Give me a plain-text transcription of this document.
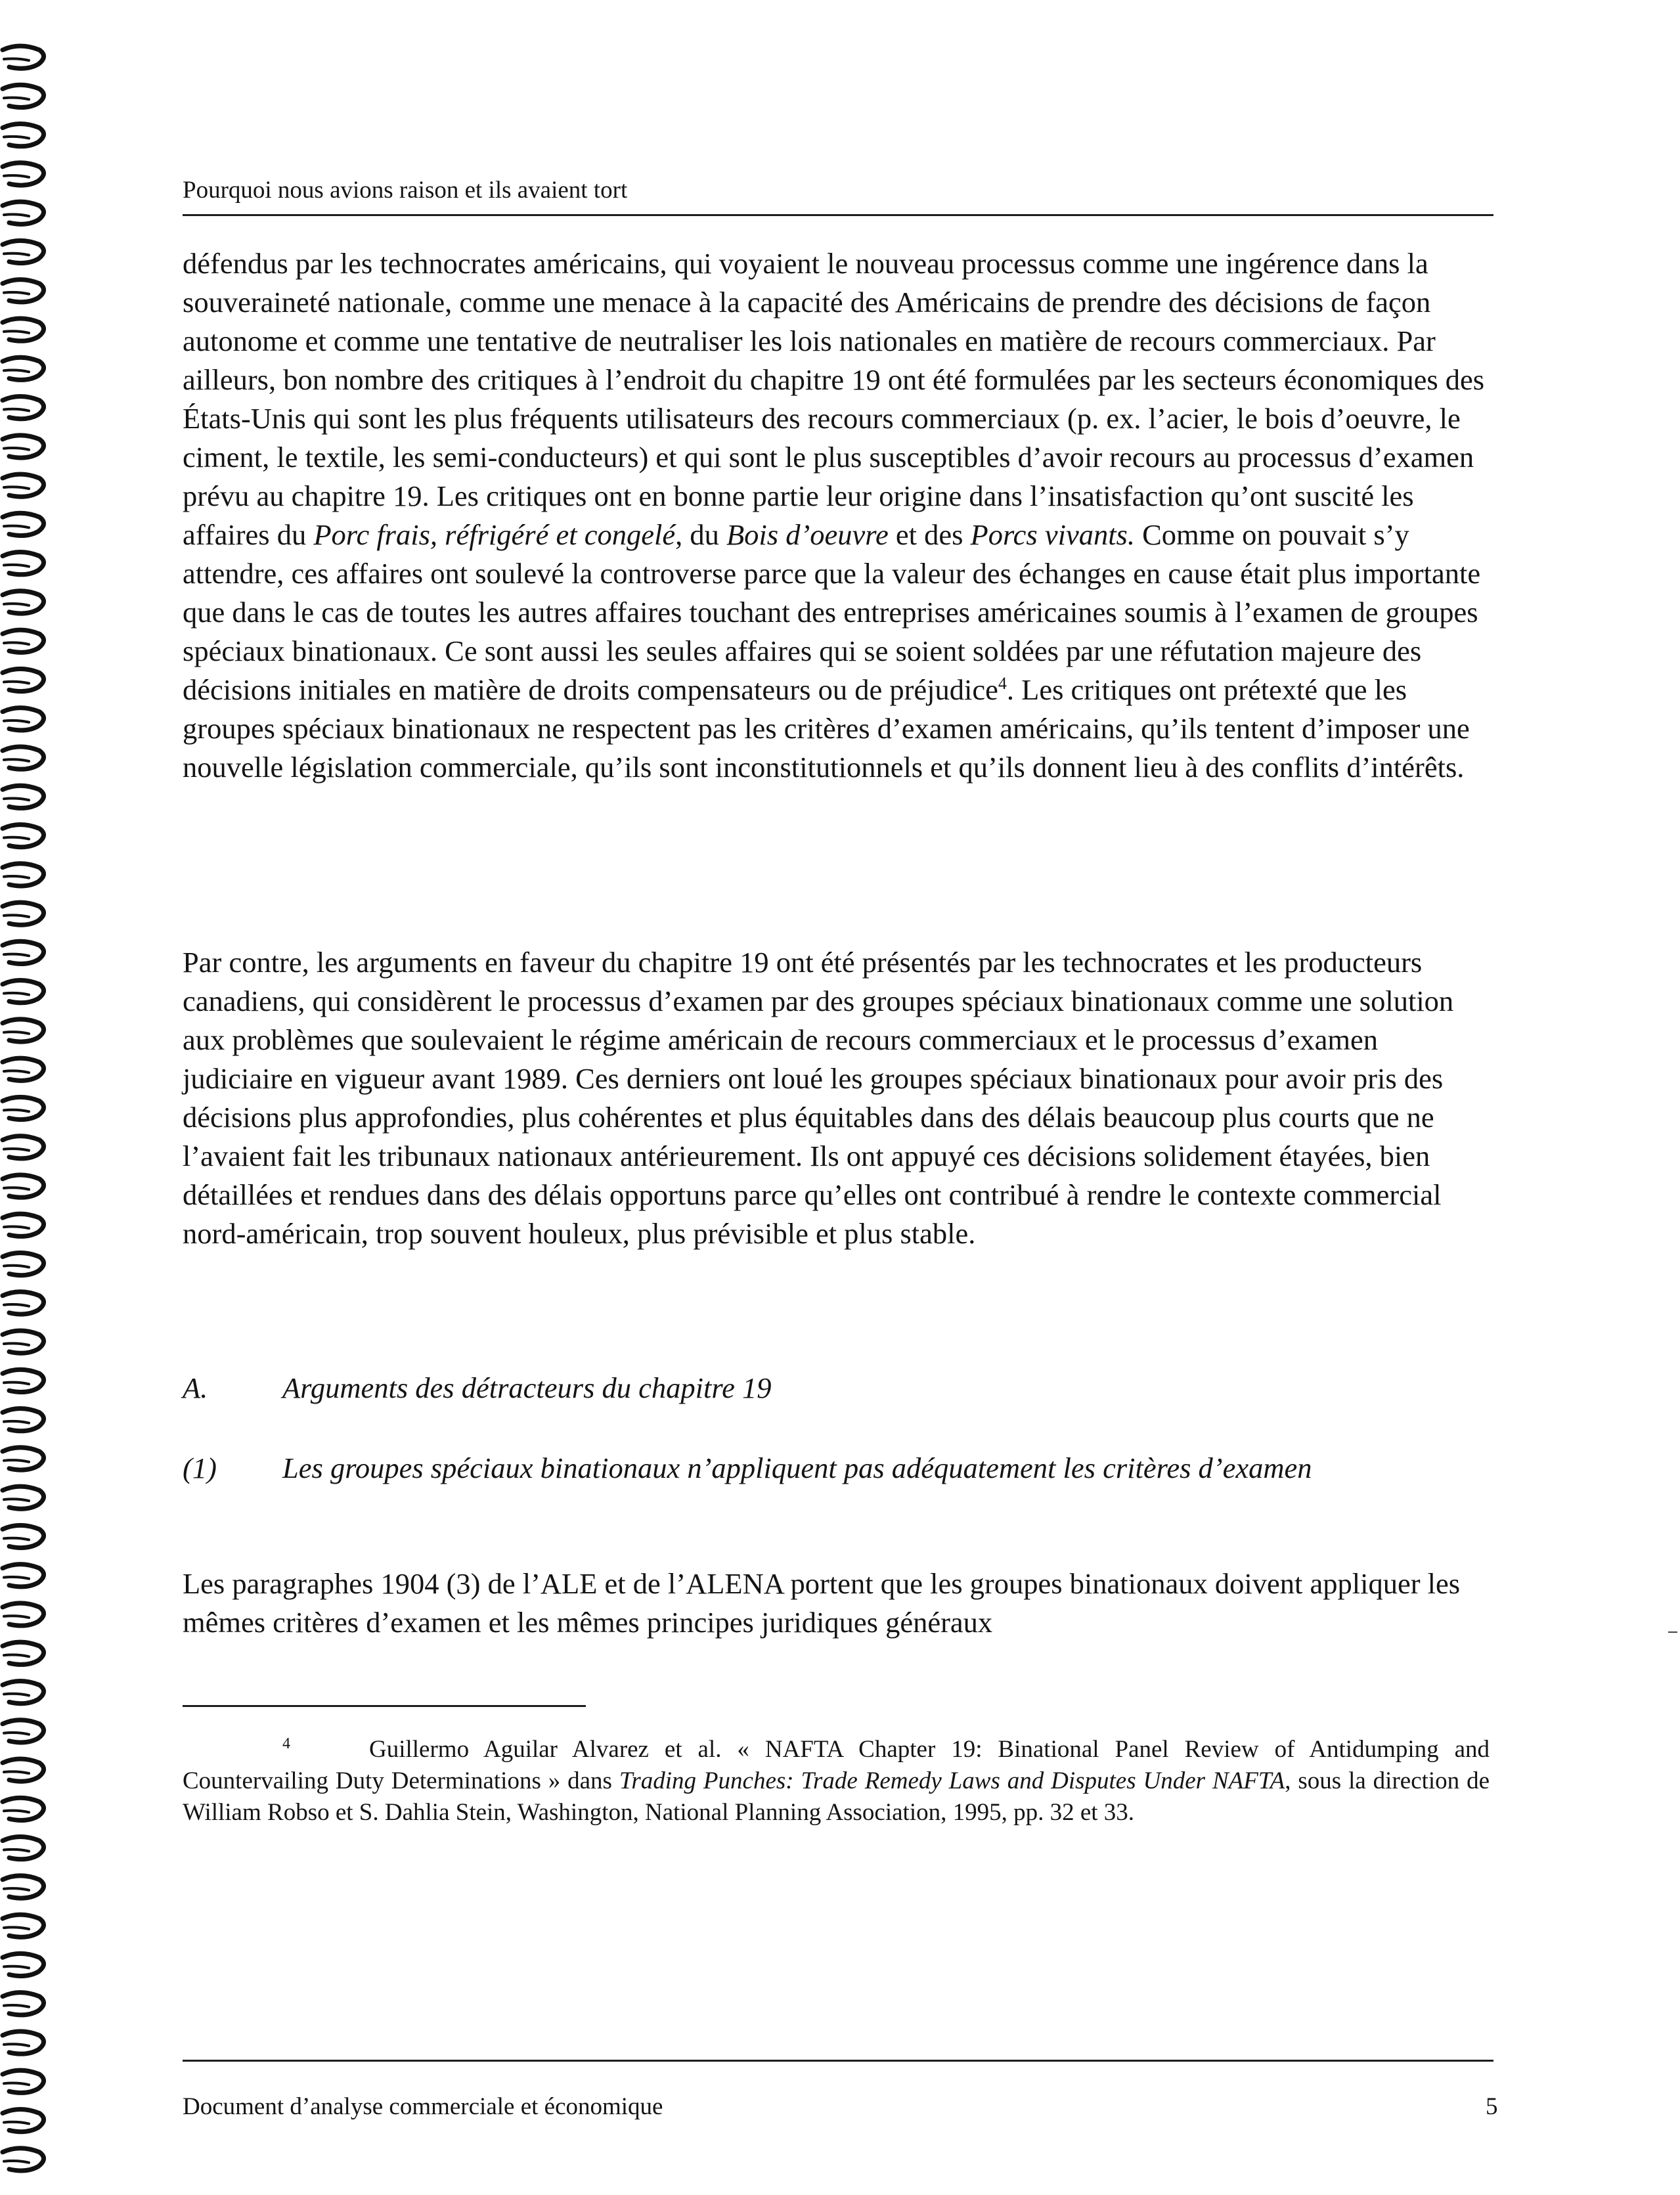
Pourquoi nous avions raison et ils avaient tort

défendus par les technocrates américains, qui voyaient le nouveau processus comme une ingérence dans la souveraineté nationale, comme une menace à la capacité des Américains de prendre des décisions de façon autonome et comme une tentative de neutraliser les lois nationales en matière de recours commerciaux. Par ailleurs, bon nombre des critiques à l’endroit du chapitre 19 ont été formulées par les secteurs économiques des États-Unis qui sont les plus fréquents utilisateurs des recours commerciaux (p. ex. l’acier, le bois d’oeuvre, le ciment, le textile, les semi-conducteurs) et qui sont le plus susceptibles d’avoir recours au processus d’examen prévu au chapitre 19. Les critiques ont en bonne partie leur origine dans l’insatisfaction qu’ont suscité les affaires du Porc frais, réfrigéré et congelé, du Bois d’oeuvre et des Porcs vivants. Comme on pouvait s’y attendre, ces affaires ont soulevé la controverse parce que la valeur des échanges en cause était plus importante que dans le cas de toutes les autres affaires touchant des entreprises américaines soumis à l’examen de groupes spéciaux binationaux. Ce sont aussi les seules affaires qui se soient soldées par une réfutation majeure des décisions initiales en matière de droits compensateurs ou de préjudice$^4$. Les critiques ont prétexté que les groupes spéciaux binationaux ne respectent pas les critères d’examen américains, qu’ils tentent d’imposer une nouvelle législation commerciale, qu’ils sont inconstitutionnels et qu’ils donnent lieu à des conflits d’intérêts.

Par contre, les arguments en faveur du chapitre 19 ont été présentés par les technocrates et les producteurs canadiens, qui considèrent le processus d’examen par des groupes spéciaux binationaux comme une solution aux problèmes que soulevaient le régime américain de recours commerciaux et le processus d’examen judiciaire en vigueur avant 1989. Ces derniers ont loué les groupes spéciaux binationaux pour avoir pris des décisions plus approfondies, plus cohérentes et plus équitables dans des délais beaucoup plus courts que ne l’avaient fait les tribunaux nationaux antérieurement. Ils ont appuyé ces décisions solidement étayées, bien détaillées et rendues dans des délais opportuns parce qu’elles ont contribué à rendre le contexte commercial nord-américain, trop souvent houleux, plus prévisible et plus stable.

A.	Arguments des détracteurs du chapitre 19
(1) Les groupes spéciaux binationaux n’appliquent pas adéquatement les critères d’examen

Les paragraphes 1904 (3) de l’ALE et de l’ALENA portent que les groupes binationaux doivent appliquer les mêmes critères d’examen et les mêmes principes juridiques généraux

$^4$	Guillermo Aguilar Alvarez et al. « NAFTA Chapter 19: Binational Panel Review of Antidumping and Countervailing Duty Determinations » dans Trading Punches: Trade Remedy Laws and Disputes Under NAFTA, sous la direction de William Robso et S. Dahlia Stein, Washington, National Planning Association, 1995, pp. 32 et 33.
Document d’analyse commerciale et économique	5
